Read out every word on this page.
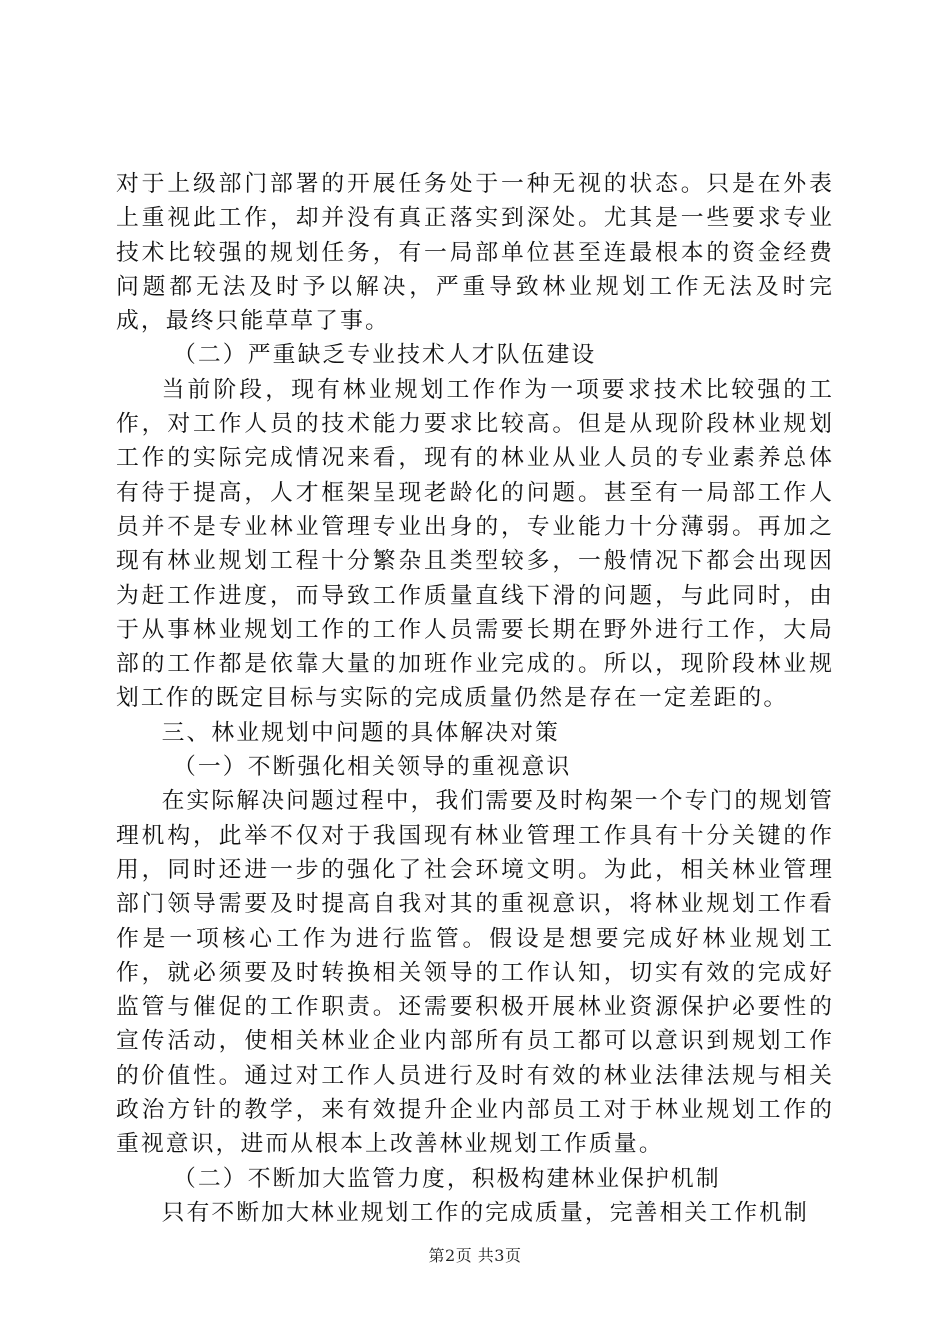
对于上级部门部署的开展任务处于一种无视的状态。只是在外表上重视此工作，却并没有真正落实到深处。尤其是一些要求专业技术比较强的规划任务，有一局部单位甚至连最根本的资金经费问题都无法及时予以解决，严重导致林业规划工作无法及时完成，最终只能草草了事。

（二）严重缺乏专业技术人才队伍建设

当前阶段，现有林业规划工作作为一项要求技术比较强的工作，对工作人员的技术能力要求比较高。但是从现阶段林业规划工作的实际完成情况来看，现有的林业从业人员的专业素养总体有待于提高，人才框架呈现老龄化的问题。甚至有一局部工作人员并不是专业林业管理专业出身的，专业能力十分薄弱。再加之现有林业规划工程十分繁杂且类型较多，一般情况下都会出现因为赶工作进度，而导致工作质量直线下滑的问题，与此同时，由于从事林业规划工作的工作人员需要长期在野外进行工作，大局部的工作都是依靠大量的加班作业完成的。所以，现阶段林业规划工作的既定目标与实际的完成质量仍然是存在一定差距的。

三、林业规划中问题的具体解决对策

（一）不断强化相关领导的重视意识

在实际解决问题过程中，我们需要及时构架一个专门的规划管理机构，此举不仅对于我国现有林业管理工作具有十分关键的作用，同时还进一步的强化了社会环境文明。为此，相关林业管理部门领导需要及时提高自我对其的重视意识，将林业规划工作看作是一项核心工作为进行监管。假设是想要完成好林业规划工作，就必须要及时转换相关领导的工作认知，切实有效的完成好监管与催促的工作职责。还需要积极开展林业资源保护必要性的宣传活动，使相关林业企业内部所有员工都可以意识到规划工作的价值性。通过对工作人员进行及时有效的林业法律法规与相关政治方针的教学，来有效提升企业内部员工对于林业规划工作的重视意识，进而从根本上改善林业规划工作质量。

（二）不断加大监管力度，积极构建林业保护机制

只有不断加大林业规划工作的完成质量，完善相关工作机制

第2页 共3页
